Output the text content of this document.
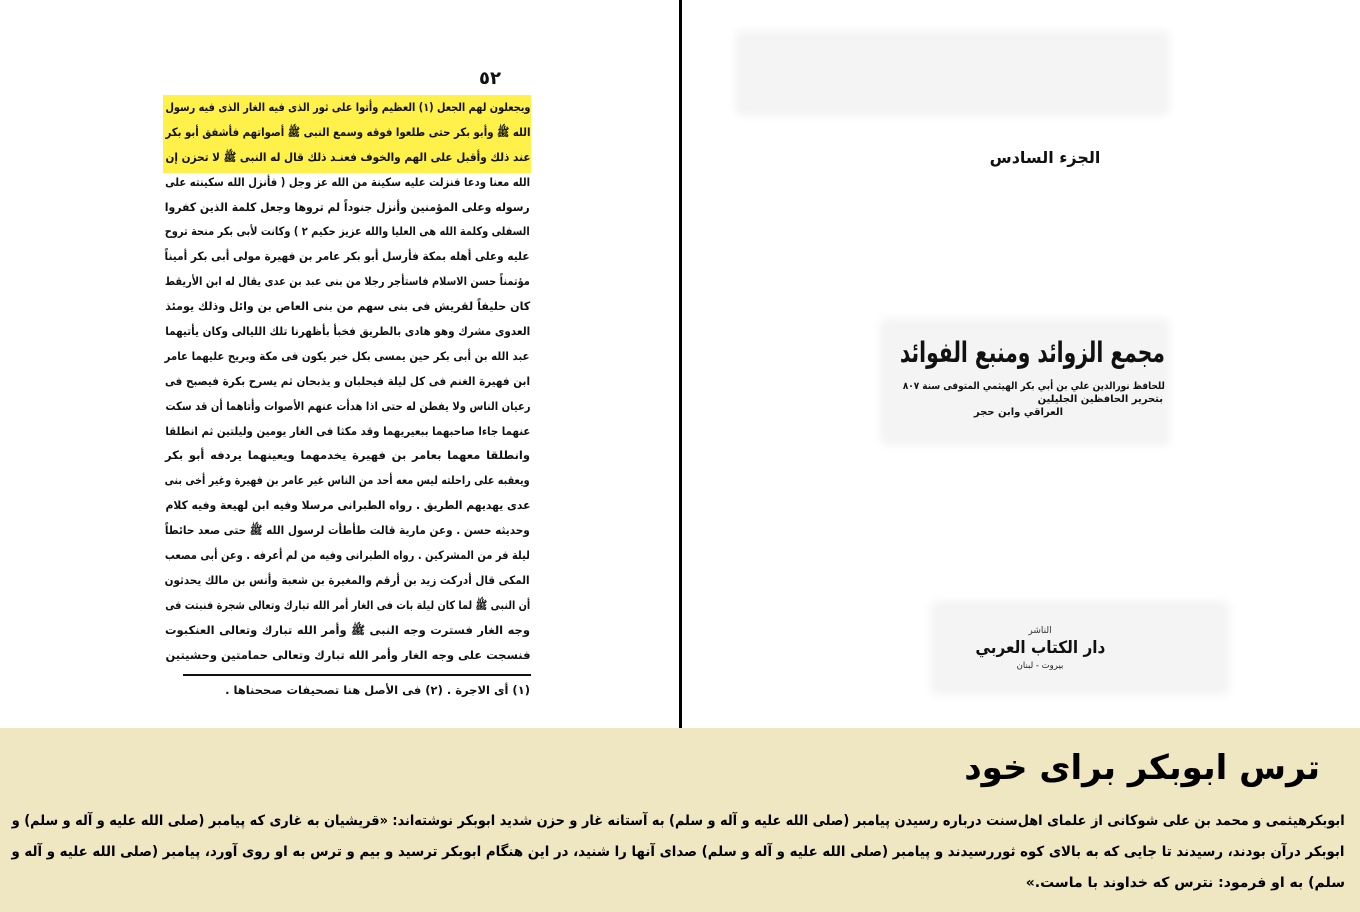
٥٢
ويجعلون لهم الجعل (١) العظيم وأتوا على ثور الذى فيه الغار الذى فيه رسول
الله ﷺ وأبو بكر حتى طلعوا فوقه وسمع النبى ﷺ أصواتهم فأشفق أبو بكر
عند ذلك وأقبل على الهم والخوف فعنـد ذلك قال له النبى ﷺ لا تحزن إن
الله معنا ودعا فنزلت عليه سكينة من الله عز وجل ( فأنزل الله سكينته على
رسوله وعلى المؤمنين وأنزل جنوداً لم تروها وجعل كلمة الذين كفروا
السفلى وكلمة الله هى العليا والله عزيز حكيم ٢ ) وكانت لأبى بكر منحة تروح
عليه وعلى أهله بمكة فأرسل أبو بكر عامر بن فهيرة مولى أبى بكر أميناً
مؤتمناً حسن الاسلام فاستأجر رجلا من بنى عبد بن عدى يقال له ابن الأريقط
كان حليفاً لقريش فى بنى سهم من بنى العاص بن وائل وذلك يومئذ
العدوى مشرك وهو هادى بالطريق فخبأ بأظهرنا تلك الليالى وكان يأتيهما
عبد الله بن أبى بكر حين يمسى بكل خبر يكون فى مكة ويريح عليهما عامر
ابن فهيرة الغنم فى كل ليلة فيحلبان و يذبحان ثم يسرح بكرة فيصبح فى
رعيان الناس ولا يفطن له حتى اذا هدأت عنهم الأصوات وأتاهما أن قد سكت
عنهما جاءا صاحبهما ببعيريهما وقد مكثا فى الغار يومين وليلتين ثم انطلقا
وانطلقا معهما بعامر بن فهيرة يخدمهما ويعينهما يردفه أبو بكر
ويعقبه على راحلته ليس معه أحد من الناس غير عامر بن فهيرة وغير أخى بنى
عدى يهديهم الطريق . رواه الطبرانى مرسلا وفيه ابن لهيعة وفيه كلام
وحديثه حسن . وعن مارية قالت طأطأت لرسول الله ﷺ حتى صعد حائطاً
ليلة فر من المشركين . رواه الطبرانى وفيه من لم أعرفه . وعن أبى مصعب
المكى قال أدركت زيد بن أرقم والمغيرة بن شعبة وأنس بن مالك يحدثون
أن النبى ﷺ لما كان ليلة بات فى الغار أمر الله تبارك وتعالى شجرة فنبتت فى
وجه الغار فسترت وجه النبى ﷺ وأمر الله تبارك وتعالى العنكبوت
فنسجت على وجه الغار وأمر الله تبارك وتعالى حمامتين وحشيتين
(١) أى الاجرة . (٢) فى الأصل هنا تصحيفات صححناها .
الجزء السادس
مجمع الزوائد ومنبع الفوائد
للحافظ نورالدين علي بن أبي بكر الهيثمي المتوفى سنة ٨٠٧
بتحرير الحافظين الجليلين
العراقي وابن حجر
الناشر
دار الكتاب العربي
بيروت - لبنان
ترس ابوبکر برای خود
ابوبکرهیثمی و محمد بن علی شوکانی از علمای اهل‌سنت درباره رسیدن پیامبر (صلی الله علیه و آله و سلم) به آستانه غار و حزن شدید ابوبکر نوشته‌اند: «قریشیان به غاری که پیامبر (صلی الله علیه و آله و سلم) و
ابوبکر درآن بودند، رسیدند تا جایی که به بالای کوه ثوررسیدند و پیامبر (صلی الله علیه و آله و سلم) صدای آنها را شنید، در این هنگام ابوبکر ترسید و بیم و ترس به او روی آورد، پیامبر (صلی الله علیه و آله و
سلم) به او فرمود: نترس که خداوند با ماست.»
